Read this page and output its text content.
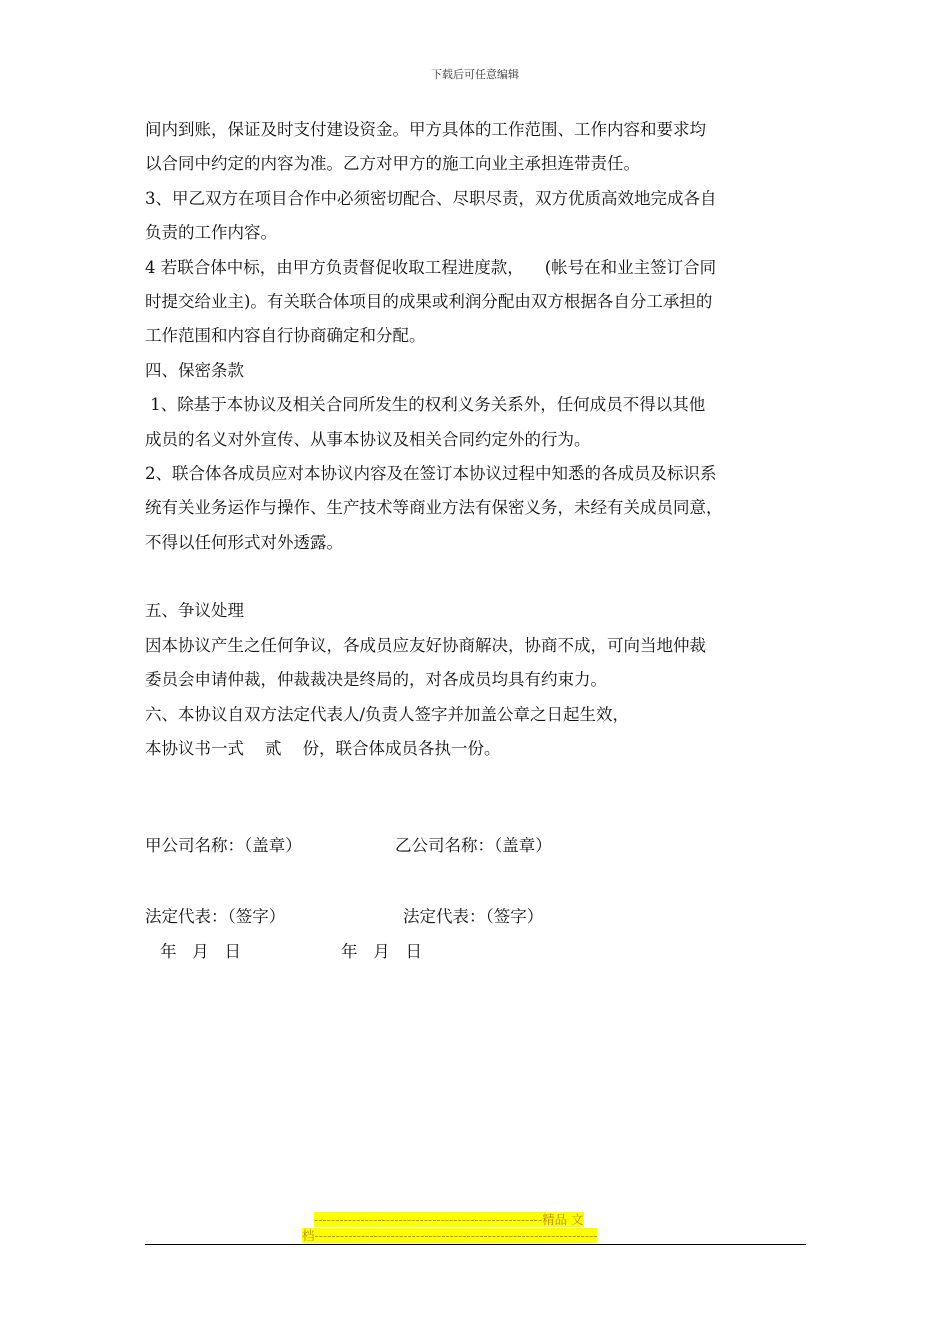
下载后可任意编辑
间内到账，保证及时支付建设资金。甲方具体的工作范围、工作内容和要求均
以合同中约定的内容为准。乙方对甲方的施工向业主承担连带责任。
3、甲乙双方在项目合作中必须密切配合、尽职尽责，双方优质高效地完成各自
负责的工作内容。
4 若联合体中标，由甲方负责督促收取工程进度款，    (帐号在和业主签订合同
时提交给业主)。有关联合体项目的成果或利润分配由双方根据各自分工承担的
工作范围和内容自行协商确定和分配。
四、保密条款
1、除基于本协议及相关合同所发生的权利义务关系外，任何成员不得以其他
成员的名义对外宣传、从事本协议及相关合同约定外的行为。
2、联合体各成员应对本协议内容及在签订本协议过程中知悉的各成员及标识系
统有关业务运作与操作、生产技术等商业方法有保密义务，未经有关成员同意，
不得以任何形式对外透露。
五、争议处理
因本协议产生之任何争议，各成员应友好协商解决，协商不成，可向当地仲裁
委员会申请仲裁，仲裁裁决是终局的，对各成员均具有约束力。
六、本协议自双方法定代表人/负责人签字并加盖公章之日起生效，
本协议书一式    贰    份，联合体成员各执一份。
甲公司名称：（盖章）	乙公司名称：（盖章）
法定代表：（签字）	法定代表：（签字）
年   月   日	年   月   日
------------------------------------------------------精品 文
档-------------------------------------------------------------------
